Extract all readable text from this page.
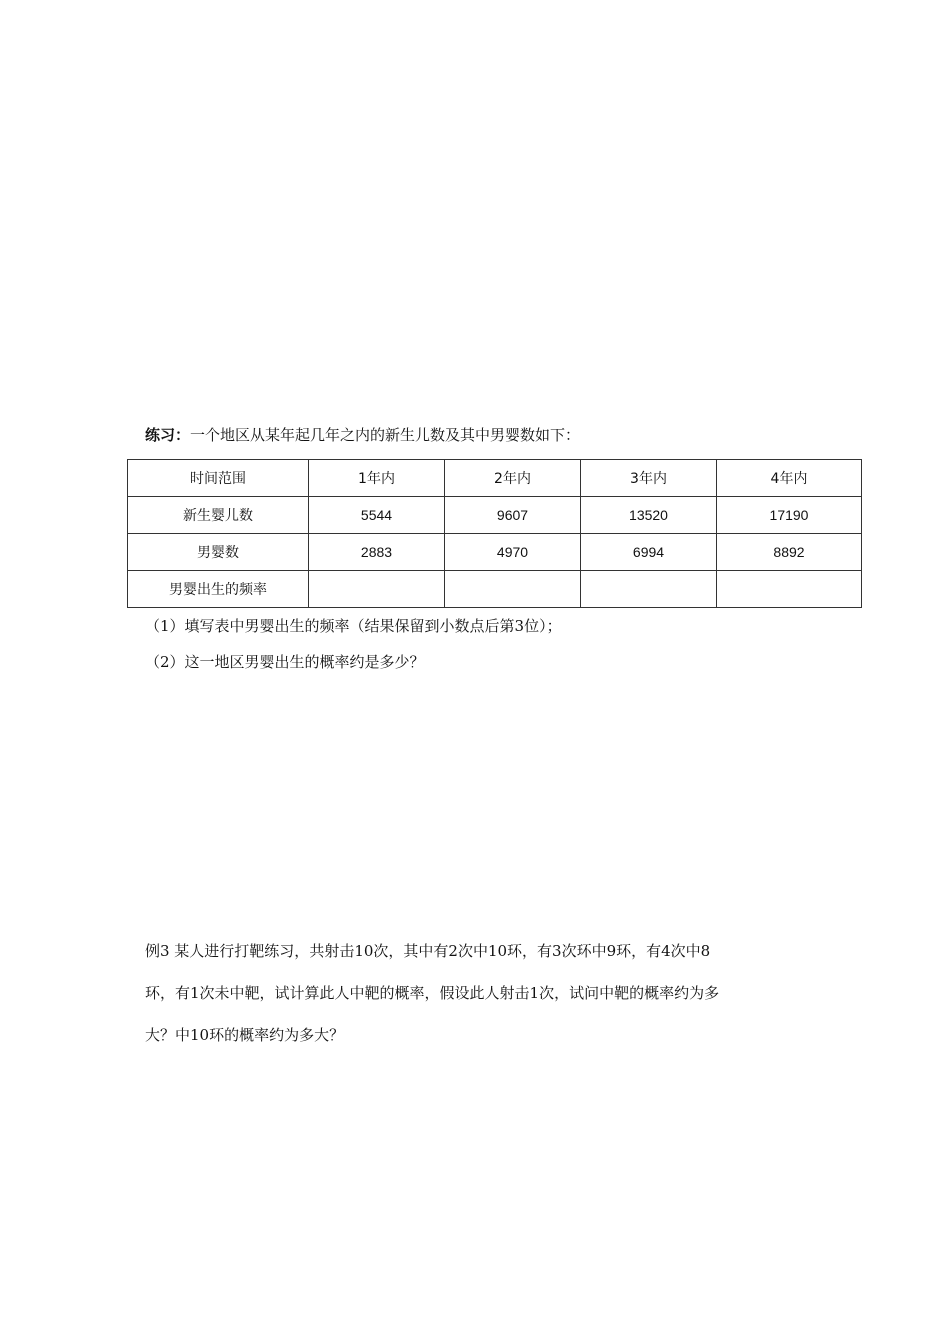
练习：一个地区从某年起几年之内的新生儿数及其中男婴数如下：
时间范围	1年内	2年内	3年内	4年内
新生婴儿数	5544	9607	13520	17190
男婴数	2883	4970	6994	8892
男婴出生的频率				
（1）填写表中男婴出生的频率（结果保留到小数点后第3位）；
（2）这一地区男婴出生的概率约是多少？

例3 某人进行打靶练习，共射击10次，其中有2次中10环，有3次环中9环，有4次中8

环，有1次未中靶，试计算此人中靶的概率，假设此人射击1次，试问中靶的概率约为多

大？中10环的概率约为多大？
